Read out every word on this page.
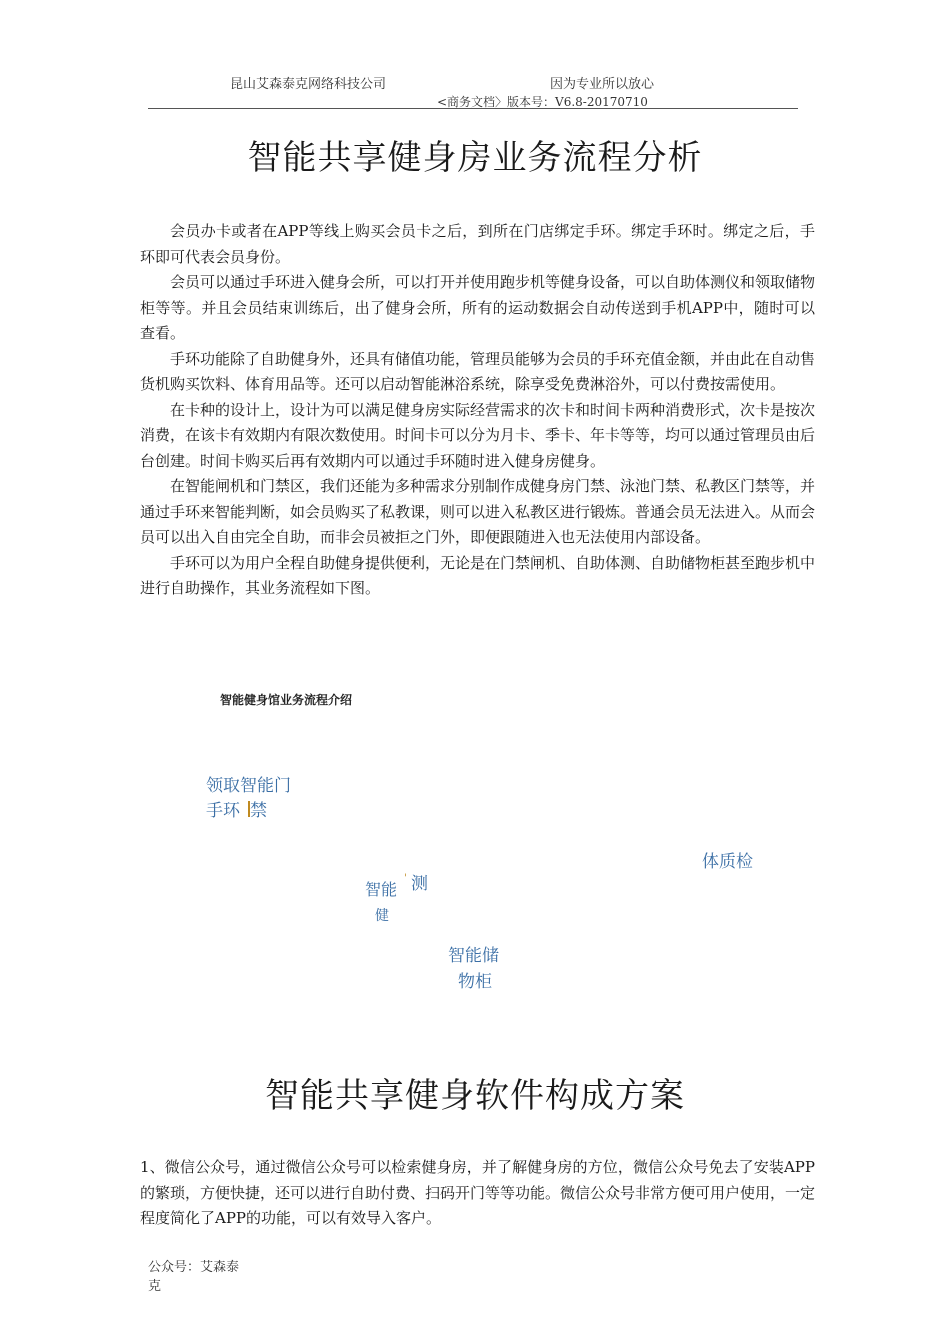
昆山艾森泰克网络科技公司	因为专业所以放心
<商务文档〉版本号：V6.8-20170710
智能共享健身房业务流程分析

会员办卡或者在APP等线上购买会员卡之后，到所在门店绑定手环。绑定手环时。绑定之后，手环即可代表会员身份。

会员可以通过手环进入健身会所，可以打开并使用跑步机等健身设备，可以自助体测仪和领取储物柜等等。并且会员结束训练后，出了健身会所，所有的运动数据会自动传送到手机APP中，随时可以查看。

手环功能除了自助健身外，还具有储值功能，管理员能够为会员的手环充值金额，并由此在自动售货机购买饮料、体育用品等。还可以启动智能淋浴系统，除享受免费淋浴外，可以付费按需使用。

在卡种的设计上，设计为可以满足健身房实际经营需求的次卡和时间卡两种消费形式，次卡是按次消费，在该卡有效期内有限次数使用。时间卡可以分为月卡、季卡、年卡等等，均可以通过管理员由后台创建。时间卡购买后再有效期内可以通过手环随时进入健身房健身。

在智能闸机和门禁区，我们还能为多种需求分别制作成健身房门禁、泳池门禁、私教区门禁等，并通过手环来智能判断，如会员购买了私教课，则可以进入私教区进行锻炼。普通会员无法进入。从而会员可以出入自由完全自助，而非会员被拒之门外，即便跟随进入也无法使用内部设备。

手环可以为用户全程自助健身提供便利，无论是在门禁闸机、自助体测、自助储物柜甚至跑步机中进行自助操作，其业务流程如下图。

智能健身馆业务流程介绍
领取智能门
手环 禁
智能
健
' 测
体质检
智能储
物柜
智能共享健身软件构成方案

1、微信公众号，通过微信公众号可以检索健身房，并了解健身房的方位，微信公众号免去了安装APP的繁琐，方便快捷，还可以进行自助付费、扫码开门等等功能。微信公众号非常方便可用户使用，一定程度简化了APP的功能，可以有效导入客户。

公众号：艾森泰
克
